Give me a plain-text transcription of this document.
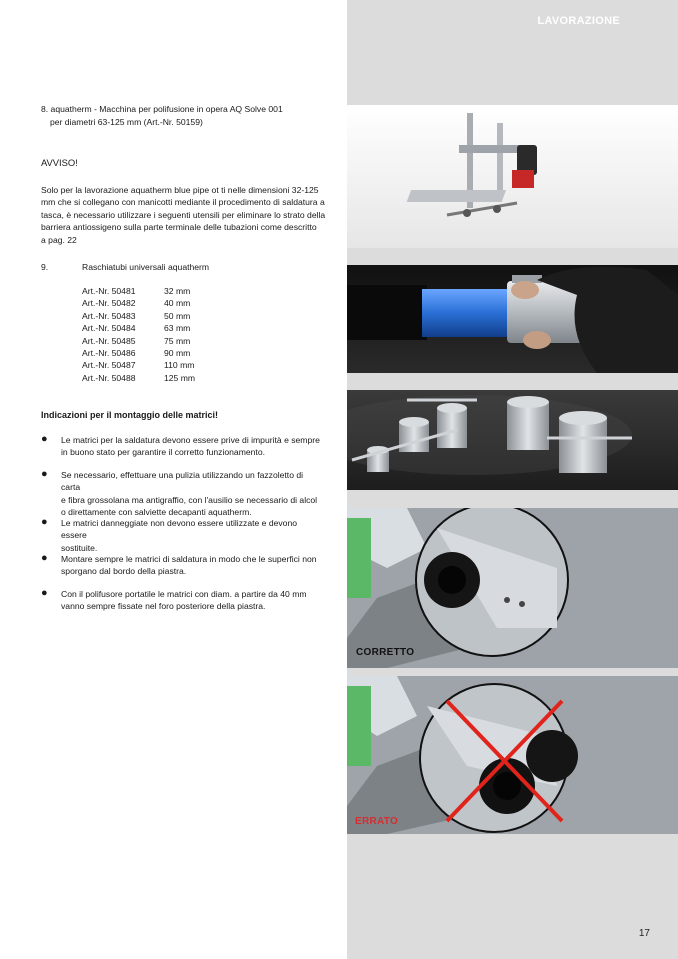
LAVORAZIONE
8. aquatherm - Macchina per polifusione in opera AQ Solve 001
per diametri 63-125 mm (Art.-Nr. 50159)
AVVISO!
Solo per la lavorazione aquatherm blue pipe ot ti nelle dimensioni 32-125
mm che si collegano con manicotti mediante il procedimento di saldatura a
tasca, è necessario utilizzare i seguenti utensili per eliminare lo strato della
barriera antiossigeno sulla parte terminale delle tubazioni come descritto
a pag. 22
9.	Raschiatubi universali aquatherm
Art.-Nr. 50481	32 mm
Art.-Nr. 50482	40 mm
Art.-Nr. 50483	50 mm
Art.-Nr. 50484	63 mm
Art.-Nr. 50485	75 mm
Art.-Nr. 50486	90 mm
Art.-Nr. 50487	110 mm
Art.-Nr. 50488	125 mm
Indicazioni per il montaggio delle matrici!
● Le matrici per la saldatura devono essere prive di impurità e sempre
in buono stato per garantire il corretto funzionamento.
● Se necessario, effettuare una pulizia utilizzando un fazzoletto di carta
e fibra grossolana ma antigraffio, con l'ausilio se necessario di alcol
o direttamente con salviette decapanti aquatherm.
● Le matrici danneggiate non devono essere utilizzate e devono essere
sostituite.
● Montare sempre le matrici di saldatura in modo che le superfici non
sporgano dal bordo della piastra.
● Con il polifusore portatile le matrici con diam. a partire da 40 mm
vanno sempre fissate nel foro posteriore della piastra.
CORRETTO
ERRATO
17
